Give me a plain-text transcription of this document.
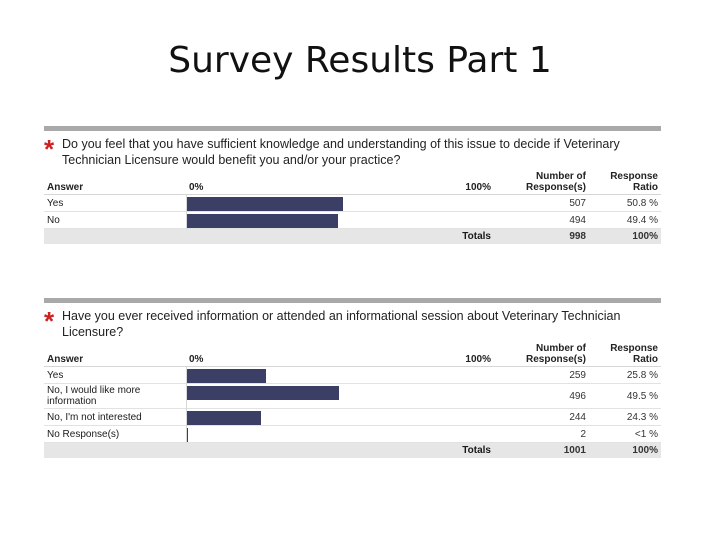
Survey Results Part 1
* Do you feel that you have sufficient knowledge and understanding of this issue to decide if Veterinary Technician Licensure would benefit you and/or your practice?
Answer	0%	100%	Number of Response(s)	Response Ratio
Yes			507	50.8 %
No			494	49.4 %
Totals			998	100%
* Have you ever received information or attended an informational session about Veterinary Technician Licensure?
Answer	0%	100%	Number of Response(s)	Response Ratio
Yes			259	25.8 %
No, I would like more information			496	49.5 %
No, I'm not interested			244	24.3 %
No Response(s)			2	<1 %
Totals			1001	100%
